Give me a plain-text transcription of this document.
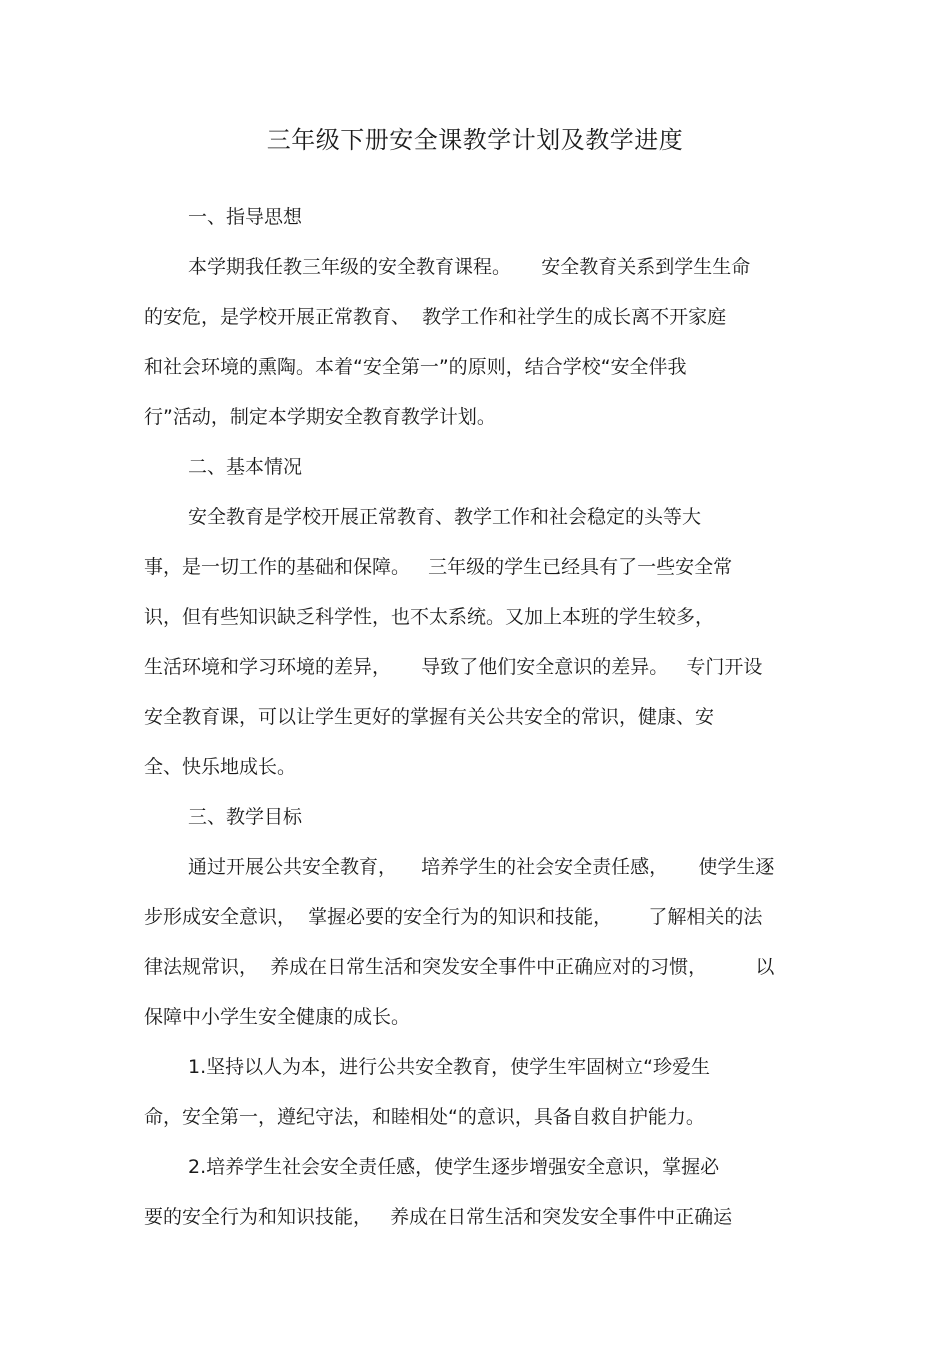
三年级下册安全课教学计划及教学进度
一、指导思想
本学期我任教三年级的安全教育课程。     安全教育关系到学生生命
的安危，是学校开展正常教育、  教学工作和社学生的成长离不开家庭
和社会环境的熏陶。本着“安全第一”的原则，结合学校“安全伴我
行”活动，制定本学期安全教育教学计划。
二、基本情况
安全教育是学校开展正常教育、教学工作和社会稳定的头等大
事，是一切工作的基础和保障。   三年级的学生已经具有了一些安全常
识，但有些知识缺乏科学性，也不太系统。又加上本班的学生较多，
生活环境和学习环境的差异，     导致了他们安全意识的差异。   专门开设
安全教育课，可以让学生更好的掌握有关公共安全的常识，健康、安
全、快乐地成长。
三、教学目标
通过开展公共安全教育，    培养学生的社会安全责任感，     使学生逐
步形成安全意识，  掌握必要的安全行为的知识和技能，      了解相关的法
律法规常识，  养成在日常生活和突发安全事件中正确应对的习惯，        以
保障中小学生安全健康的成长。
1.坚持以人为本，进行公共安全教育，使学生牢固树立“珍爱生
命，安全第一，遵纪守法，和睦相处“的意识，具备自救自护能力。
2.培养学生社会安全责任感，使学生逐步增强安全意识，掌握必
要的安全行为和知识技能，   养成在日常生活和突发安全事件中正确运
